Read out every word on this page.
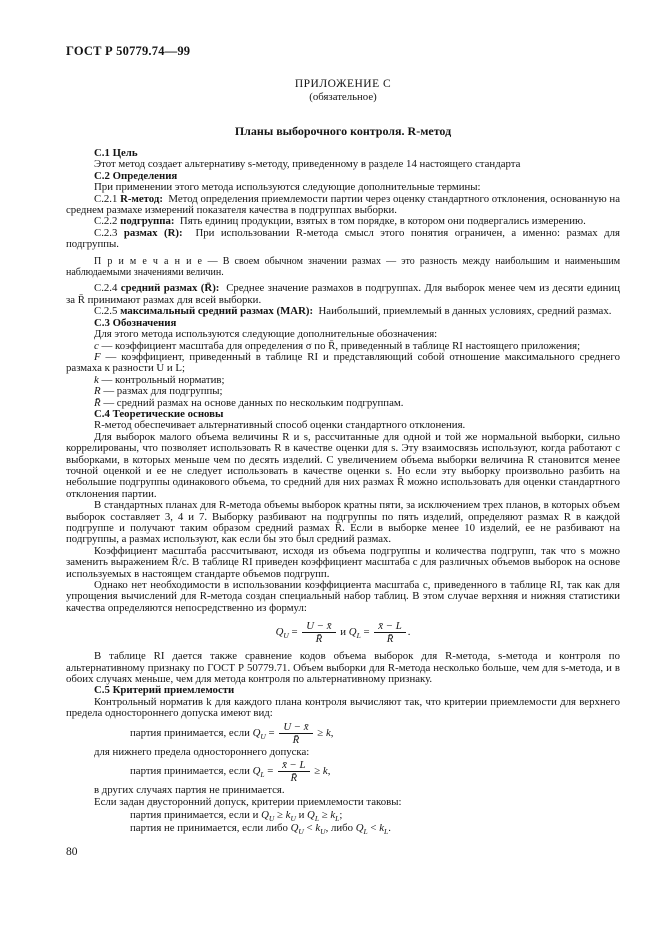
ГОСТ Р 50779.74—99
ПРИЛОЖЕНИЕ С
(обязательное)
Планы выборочного контроля. R-метод

С.1 Цель

Этот метод создает альтернативу s-методу, приведенному в разделе 14 настоящего стандарта

С.2 Определения

При применении этого метода используются следующие дополнительные термины:

С.2.1 R-метод: Метод определения приемлемости партии через оценку стандартного отклонения, основанную на среднем размахе измерений показателя качества в подгруппах выборки.

С.2.2 подгруппа: Пять единиц продукции, взятых в том порядке, в котором они подвергались измерению.

С.2.3 размах (R): При использовании R-метода смысл этого понятия ограничен, а именно: размах для подгруппы.

П р и м е ч а н и е — В своем обычном значении размах — это разность между наибольшим и наименьшим наблюдаемыми значениями величин.

С.2.4 средний размах (R̄): Среднее значение размахов в подгруппах. Для выборок менее чем из десяти единиц за R̄ принимают размах для всей выборки.

С.2.5 максимальный средний размах (MAR): Наибольший, приемлемый в данных условиях, средний размах.

С.3 Обозначения

Для этого метода используются следующие дополнительные обозначения:

c — коэффициент масштаба для определения σ по R̄, приведенный в таблице RI настоящего приложения;

F — коэффициент, приведенный в таблице RI и представляющий собой отношение максимального среднего размаха к разности U и L;

k — контрольный норматив;

R — размах для подгруппы;

R̄ — средний размах на основе данных по нескольким подгруппам.

С.4 Теоретические основы

R-метод обеспечивает альтернативный способ оценки стандартного отклонения.

Для выборок малого объема величины R и s, рассчитанные для одной и той же нормальной выборки, сильно коррелированы, что позволяет использовать R в качестве оценки для s. Эту взаимосвязь используют, когда работают с выборками, в которых меньше чем по десять изделий. С увеличением объема выборки величина R становится менее точной оценкой и ее не следует использовать в качестве оценки s. Но если эту выборку произвольно разбить на небольшие подгруппы одинакового объема, то средний для них размах R̄ можно использовать для оценки стандартного отклонения партии.

В стандартных планах для R-метода объемы выборок кратны пяти, за исключением трех планов, в которых объем выборок составляет 3, 4 и 7. Выборку разбивают на подгруппы по пять изделий, определяют размах R в каждой подгруппе и получают таким образом средний размах R̄. Если в выборке менее 10 изделий, ее не разбивают на подгруппы, а размах используют, как если бы это был средний размах.

Коэффициент масштаба рассчитывают, исходя из объема подгруппы и количества подгрупп, так что s можно заменить выражением R̄/c. В таблице RI приведен коэффициент масштаба c для различных объемов выборок на основе используемых в настоящем стандарте объемов подгрупп.

Однако нет необходимости в использовании коэффициента масштаба c, приведенного в таблице RI, так как для упрощения вычислений для R-метода создан специальный набор таблиц. В этом случае верхняя и нижняя статистики качества определяются непосредственно из формул:

$Q_U = \frac{U - x̄}{R̄}$ и $Q_L = \frac{x̄ - L}{R̄}$ .

В таблице RI дается также сравнение кодов объема выборок для R-метода, s-метода и контроля по альтернативному признаку по ГОСТ Р 50779.71. Объем выборки для R-метода несколько больше, чем для s-метода, и в обоих случаях меньше, чем для метода контроля по альтернативному признаку.

С.5 Критерий приемлемости

Контрольный норматив k для каждого плана контроля вычисляют так, что критерии приемлемости для верхнего предела одностороннего допуска имеют вид:

партия принимается, если $Q_U = \frac{U - x̄}{R̄} \ge k$,

для нижнего предела одностороннего допуска:

партия принимается, если $Q_L = \frac{x̄ - L}{R̄} \ge k$,

в других случаях партия не принимается.

Если задан двусторонний допуск, критерии приемлемости таковы:

партия принимается, если и $Q_U \ge k_U$ и $Q_L \ge k_L$;

партия не принимается, если либо $Q_U < k_U$, либо $Q_L < k_L$.

80
